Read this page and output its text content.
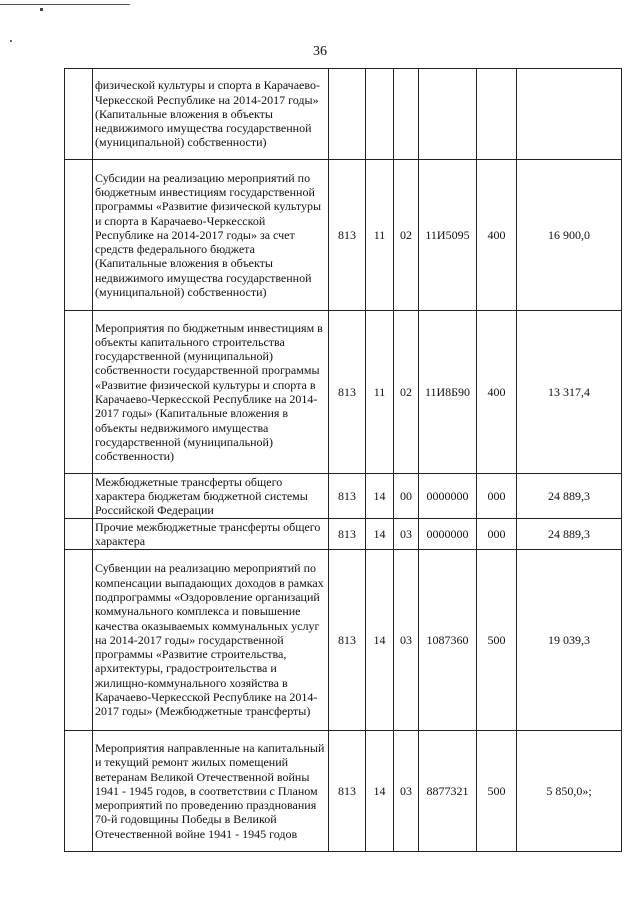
36
	физической культуры и спорта в Карачаево-Черкесской Республике на 2014-2017 годы» (Капитальные вложения в объекты недвижимого имущества государственной (муниципальной) собственности)						
	Субсидии на реализацию мероприятий по бюджетным инвестициям государственной программы «Развитие физической культуры и спорта в Карачаево-Черкесской Республике на 2014-2017 годы» за счет средств федерального бюджета (Капитальные вложения в объекты недвижимого имущества государственной (муниципальной) собственности)	813	11	02	11И5095	400	16 900,0
	Мероприятия по бюджетным инвестициям в объекты капитального строительства государственной (муниципальной) собственности государственной программы «Развитие физической культуры и спорта в Карачаево-Черкесской Республике на 2014-2017 годы» (Капитальные вложения в объекты недвижимого имущества государственной (муниципальной) собственности)	813	11	02	11И8Б90	400	13 317,4
	Межбюджетные трансферты общего характера бюджетам бюджетной системы Российской Федерации	813	14	00	0000000	000	24 889,3
	Прочие межбюджетные трансферты общего характера	813	14	03	0000000	000	24 889,3
	Субвенции на реализацию мероприятий по компенсации выпадающих доходов в рамках подпрограммы «Оздоровление организаций коммунального комплекса и повышение качества оказываемых коммунальных услуг на 2014-2017 годы» государственной программы «Развитие строительства, архитектуры, градостроительства и жилищно-коммунального хозяйства в Карачаево-Черкесской Республике на 2014-2017 годы» (Межбюджетные трансферты)	813	14	03	1087360	500	19 039,3
	Мероприятия направленные на капитальный и текущий ремонт жилых помещений ветеранам Великой Отечественной войны 1941 - 1945 годов, в соответствии с Планом мероприятий по проведению празднования 70-й годовщины Победы в Великой Отечественной войне 1941 - 1945 годов	813	14	03	8877321	500	5 850,0»;
